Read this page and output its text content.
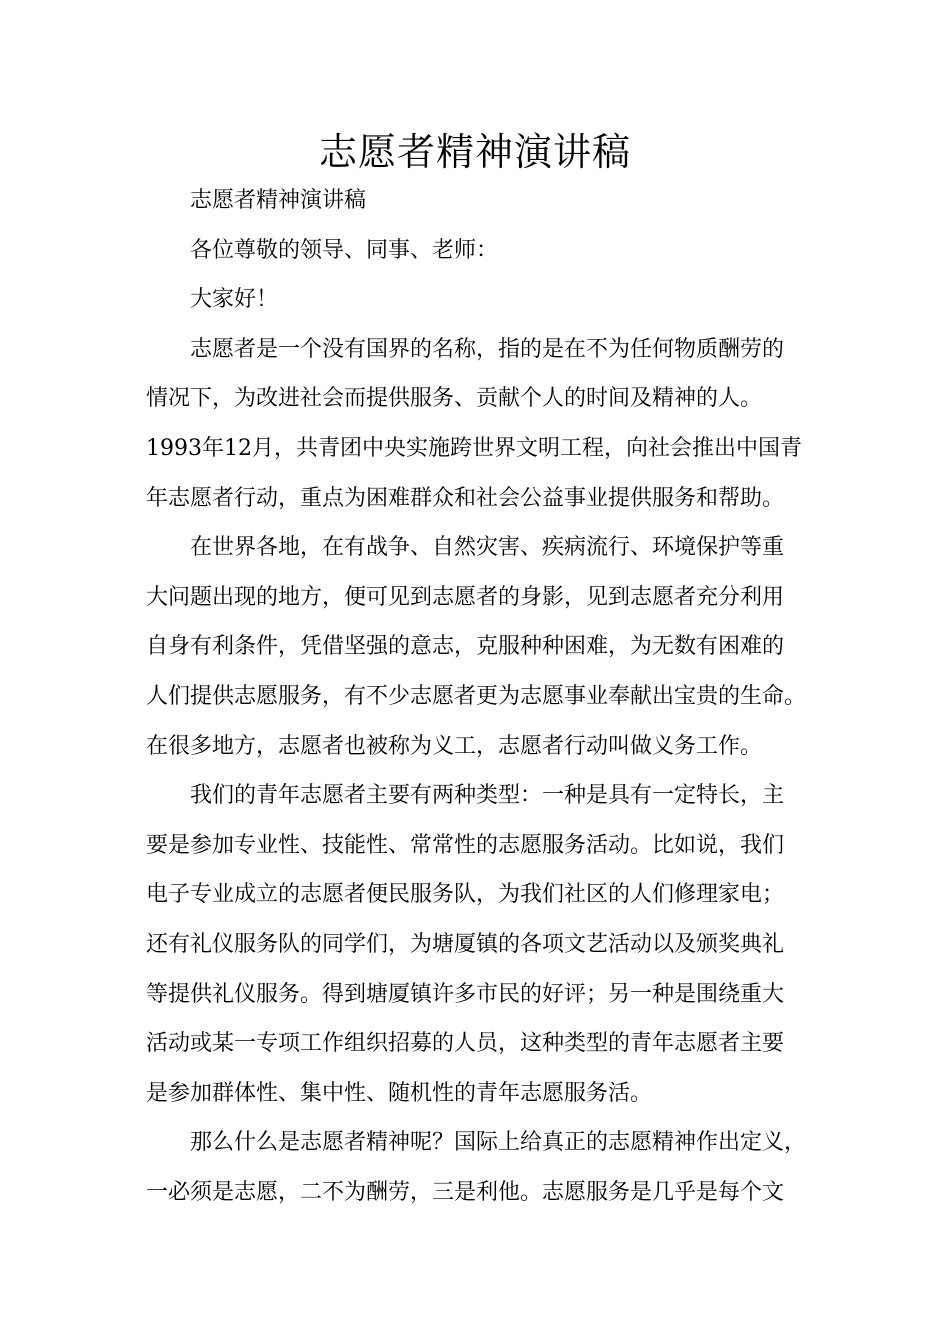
志愿者精神演讲稿
志愿者精神演讲稿
各位尊敬的领导、同事、老师：
大家好！
志愿者是一个没有国界的名称，指的是在不为任何物质酬劳的
情况下，为改进社会而提供服务、贡献个人的时间及精神的人。
1993年12月，共青团中央实施跨世界文明工程，向社会推出中国青
年志愿者行动，重点为困难群众和社会公益事业提供服务和帮助。
在世界各地，在有战争、自然灾害、疾病流行、环境保护等重
大问题出现的地方，便可见到志愿者的身影，见到志愿者充分利用
自身有利条件，凭借坚强的意志，克服种种困难，为无数有困难的
人们提供志愿服务，有不少志愿者更为志愿事业奉献出宝贵的生命。
在很多地方，志愿者也被称为义工，志愿者行动叫做义务工作。
我们的青年志愿者主要有两种类型：一种是具有一定特长，主
要是参加专业性、技能性、常常性的志愿服务活动。比如说，我们
电子专业成立的志愿者便民服务队，为我们社区的人们修理家电；
还有礼仪服务队的同学们，为塘厦镇的各项文艺活动以及颁奖典礼
等提供礼仪服务。得到塘厦镇许多市民的好评；另一种是围绕重大
活动或某一专项工作组织招募的人员，这种类型的青年志愿者主要
是参加群体性、集中性、随机性的青年志愿服务活。
那么什么是志愿者精神呢？国际上给真正的志愿精神作出定义，
一必须是志愿，二不为酬劳，三是利他。志愿服务是几乎是每个文
